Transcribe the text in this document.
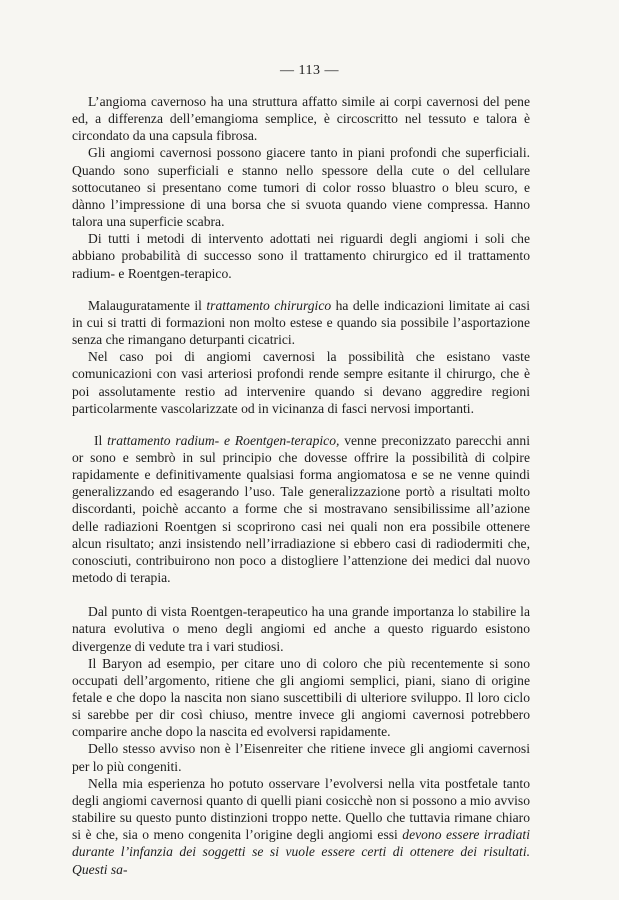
— 113 —

L’angioma cavernoso ha una struttura affatto simile ai corpi cavernosi del pene ed, a differenza dell’emangioma semplice, è circoscritto nel tessuto e talora è circondato da una capsula fibrosa.

Gli angiomi cavernosi possono giacere tanto in piani profondi che superficiali. Quando sono superficiali e stanno nello spessore della cute o del cellulare sottocutaneo si presentano come tumori di color rosso bluastro o bleu scuro, e dànno l’impressione di una borsa che si svuota quando viene compressa. Hanno talora una superficie scabra.

Di tutti i metodi di intervento adottati nei riguardi degli angiomi i soli che abbiano probabilità di successo sono il trattamento chirurgico ed il trattamento radium- e Roentgen-terapico.

Malauguratamente il trattamento chirurgico ha delle indicazioni limitate ai casi in cui si tratti di formazioni non molto estese e quando sia possibile l’asportazione senza che rimangano deturpanti cicatrici.

Nel caso poi di angiomi cavernosi la possibilità che esistano vaste comunicazioni con vasi arteriosi profondi rende sempre esitante il chirurgo, che è poi assolutamente restio ad intervenire quando si devano aggredire regioni particolarmente vascolarizzate od in vicinanza di fasci nervosi importanti.

Il trattamento radium- e Roentgen-terapico, venne preconizzato parecchi anni or sono e sembrò in sul principio che dovesse offrire la possibilità di colpire rapidamente e definitivamente qualsiasi forma angiomatosa e se ne venne quindi generalizzando ed esagerando l’uso. Tale generalizzazione portò a risultati molto discordanti, poichè accanto a forme che si mostravano sensibilissime all’azione delle radiazioni Roentgen si scoprirono casi nei quali non era possibile ottenere alcun risultato; anzi insistendo nell’irradiazione si ebbero casi di radiodermiti che, conosciuti, contribuirono non poco a distogliere l’attenzione dei medici dal nuovo metodo di terapia.

Dal punto di vista Roentgen-terapeutico ha una grande importanza lo stabilire la natura evolutiva o meno degli angiomi ed anche a questo riguardo esistono divergenze di vedute tra i vari studiosi.

Il Baryon ad esempio, per citare uno di coloro che più recentemente si sono occupati dell’argomento, ritiene che gli angiomi semplici, piani, siano di origine fetale e che dopo la nascita non siano suscettibili di ulteriore sviluppo. Il loro ciclo si sarebbe per dir così chiuso, mentre invece gli angiomi cavernosi potrebbero comparire anche dopo la nascita ed evolversi rapidamente.

Dello stesso avviso non è l’Eisenreiter che ritiene invece gli angiomi cavernosi per lo più congeniti.

Nella mia esperienza ho potuto osservare l’evolversi nella vita postfetale tanto degli angiomi cavernosi quanto di quelli piani cosicchè non si possono a mio avviso stabilire su questo punto distinzioni troppo nette. Quello che tuttavia rimane chiaro si è che, sia o meno congenita l’origine degli angiomi essi devono essere irradiati durante l’infanzia dei soggetti se si vuole essere certi di ottenere dei risultati. Questi sa-
